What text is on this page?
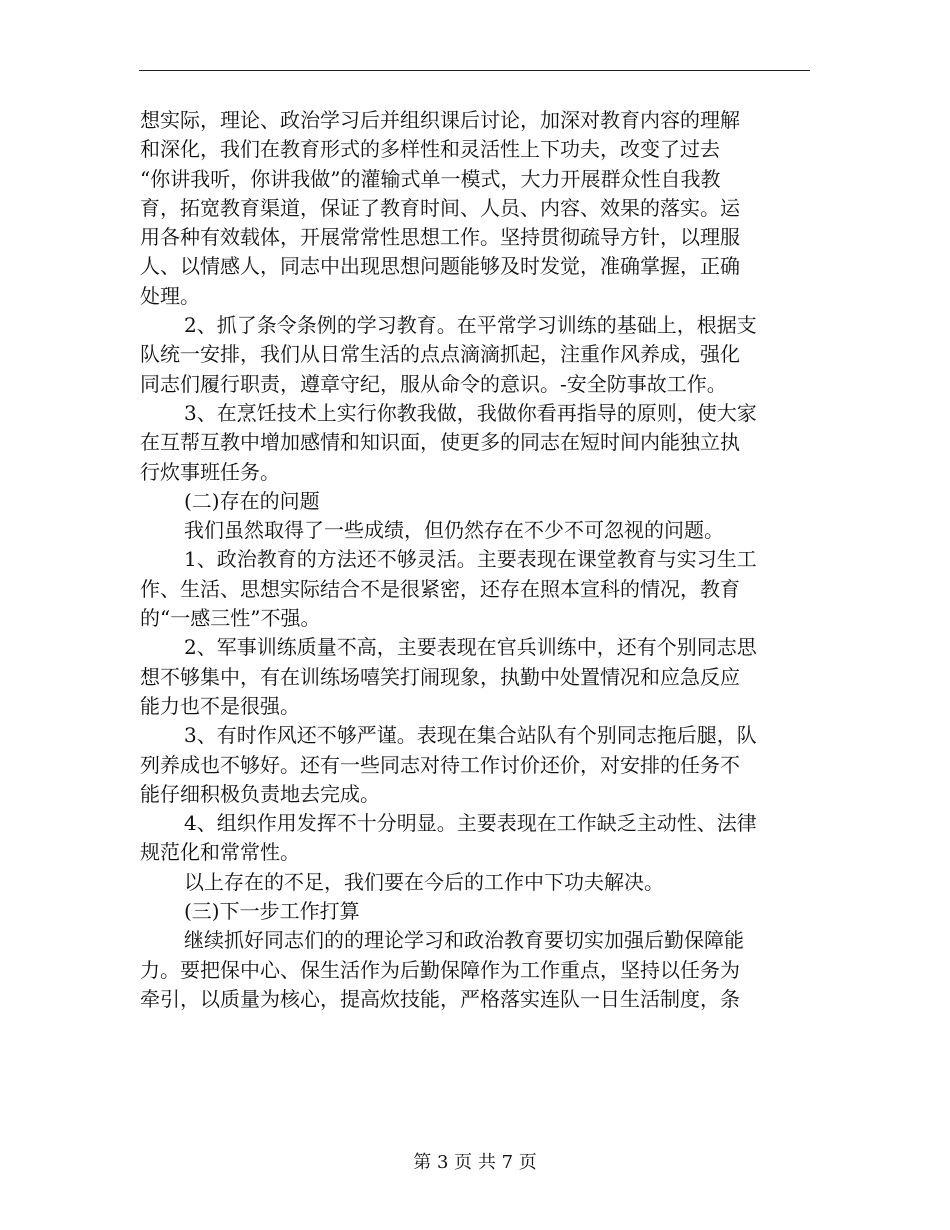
想实际，理论、政治学习后并组织课后讨论，加深对教育内容的理解
和深化，我们在教育形式的多样性和灵活性上下功夫，改变了过去
“你讲我听，你讲我做”的灌输式单一模式，大力开展群众性自我教
育，拓宽教育渠道，保证了教育时间、人员、内容、效果的落实。运
用各种有效载体，开展常常性思想工作。坚持贯彻疏导方针，以理服
人、以情感人，同志中出现思想问题能够及时发觉，准确掌握，正确
处理。
2、抓了条令条例的学习教育。在平常学习训练的基础上，根据支
队统一安排，我们从日常生活的点点滴滴抓起，注重作风养成，强化
同志们履行职责，遵章守纪，服从命令的意识。-安全防事故工作。
3、在烹饪技术上实行你教我做，我做你看再指导的原则，使大家
在互帮互教中增加感情和知识面，使更多的同志在短时间内能独立执
行炊事班任务。
(二)存在的问题
我们虽然取得了一些成绩，但仍然存在不少不可忽视的问题。
1、政治教育的方法还不够灵活。主要表现在课堂教育与实习生工
作、生活、思想实际结合不是很紧密，还存在照本宣科的情况，教育
的“一感三性”不强。
2、军事训练质量不高，主要表现在官兵训练中，还有个别同志思
想不够集中，有在训练场嘻笑打闹现象，执勤中处置情况和应急反应
能力也不是很强。
3、有时作风还不够严谨。表现在集合站队有个别同志拖后腿，队
列养成也不够好。还有一些同志对待工作讨价还价，对安排的任务不
能仔细积极负责地去完成。
4、组织作用发挥不十分明显。主要表现在工作缺乏主动性、法律
规范化和常常性。
以上存在的不足，我们要在今后的工作中下功夫解决。
(三)下一步工作打算
继续抓好同志们的的理论学习和政治教育要切实加强后勤保障能
力。要把保中心、保生活作为后勤保障作为工作重点，坚持以任务为
牵引，以质量为核心，提高炊技能，严格落实连队一日生活制度，条
第 3 页 共 7 页
